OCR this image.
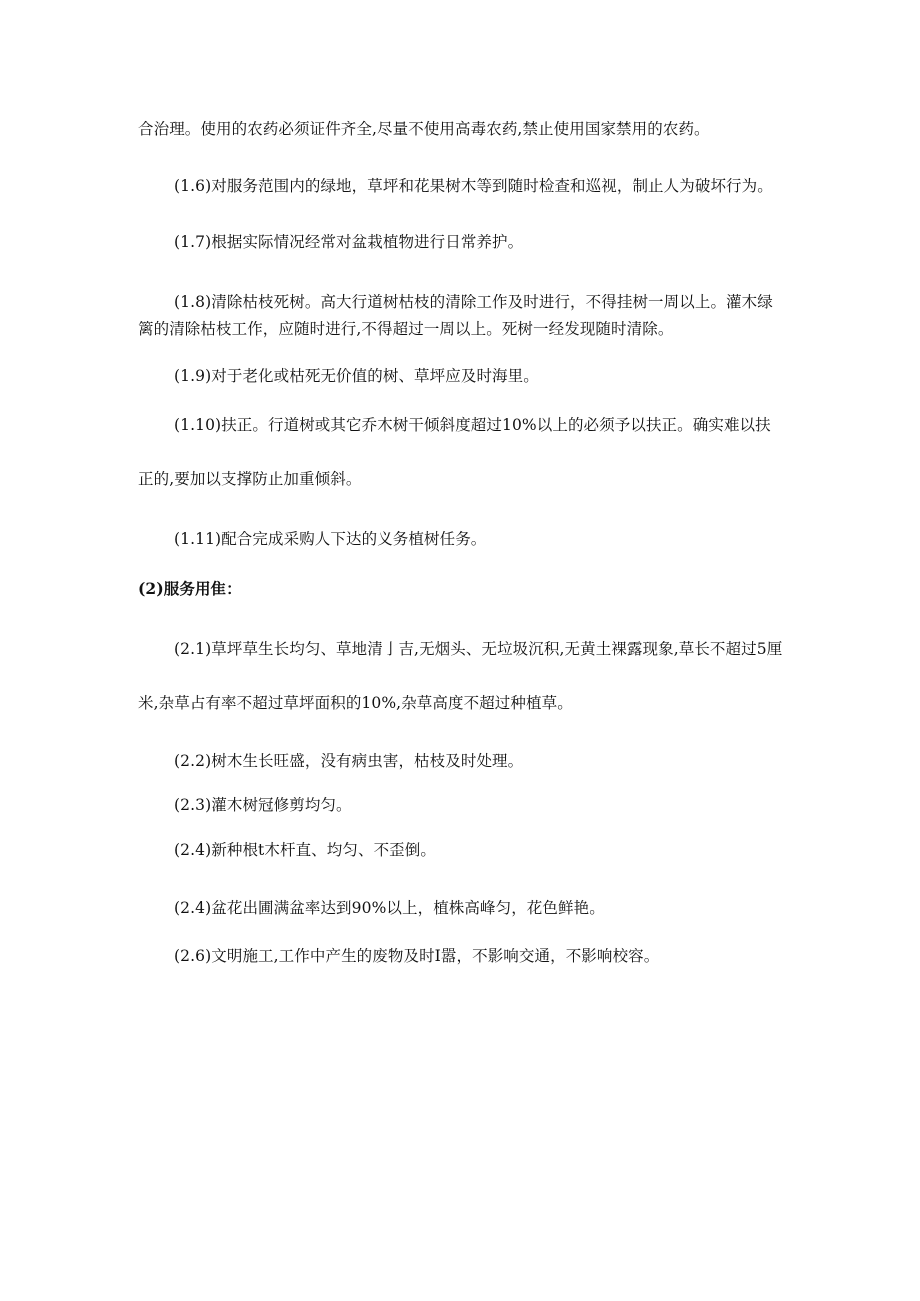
合治理。使用的农药必须证件齐全,尽量不使用高毒农药,禁止使用国家禁用的农药。

(1.6)对服务范围内的绿地，草坪和花果树木等到随时检查和巡视，制止人为破坏行为。

(1.7)根据实际情况经常对盆栽植物进行日常养护。

(1.8)清除枯枝死树。高大行道树枯枝的清除工作及时进行，不得挂树一周以上。灌木绿篱的清除枯枝工作，应随时进行,不得超过一周以上。死树一经发现随时清除。

(1.9)对于老化或枯死无价值的树、草坪应及时海里。

(1.10)扶正。行道树或其它乔木树干倾斜度超过10%以上的必须予以扶正。确实难以扶正的,要加以支撑防止加重倾斜。

(1.11)配合完成采购人下达的义务植树任务。

(2)服务用隹：

(2.1)草坪草生长均匀、草地清亅吉,无烟头、无垃圾沉积,无黄土裸露现象,草长不超过5厘米,杂草占有率不超过草坪面积的10%,杂草高度不超过种植草。

(2.2)树木生长旺盛，没有病虫害，枯枝及时处理。

(2.3)灌木树冠修剪均匀。

(2.4)新种根t木杆直、均匀、不歪倒。

(2.4)盆花出圃满盆率达到90%以上，植株高峰匀，花色鲜艳。

(2.6)文明施工,工作中产生的废物及时I嚣，不影响交通，不影响校容。
